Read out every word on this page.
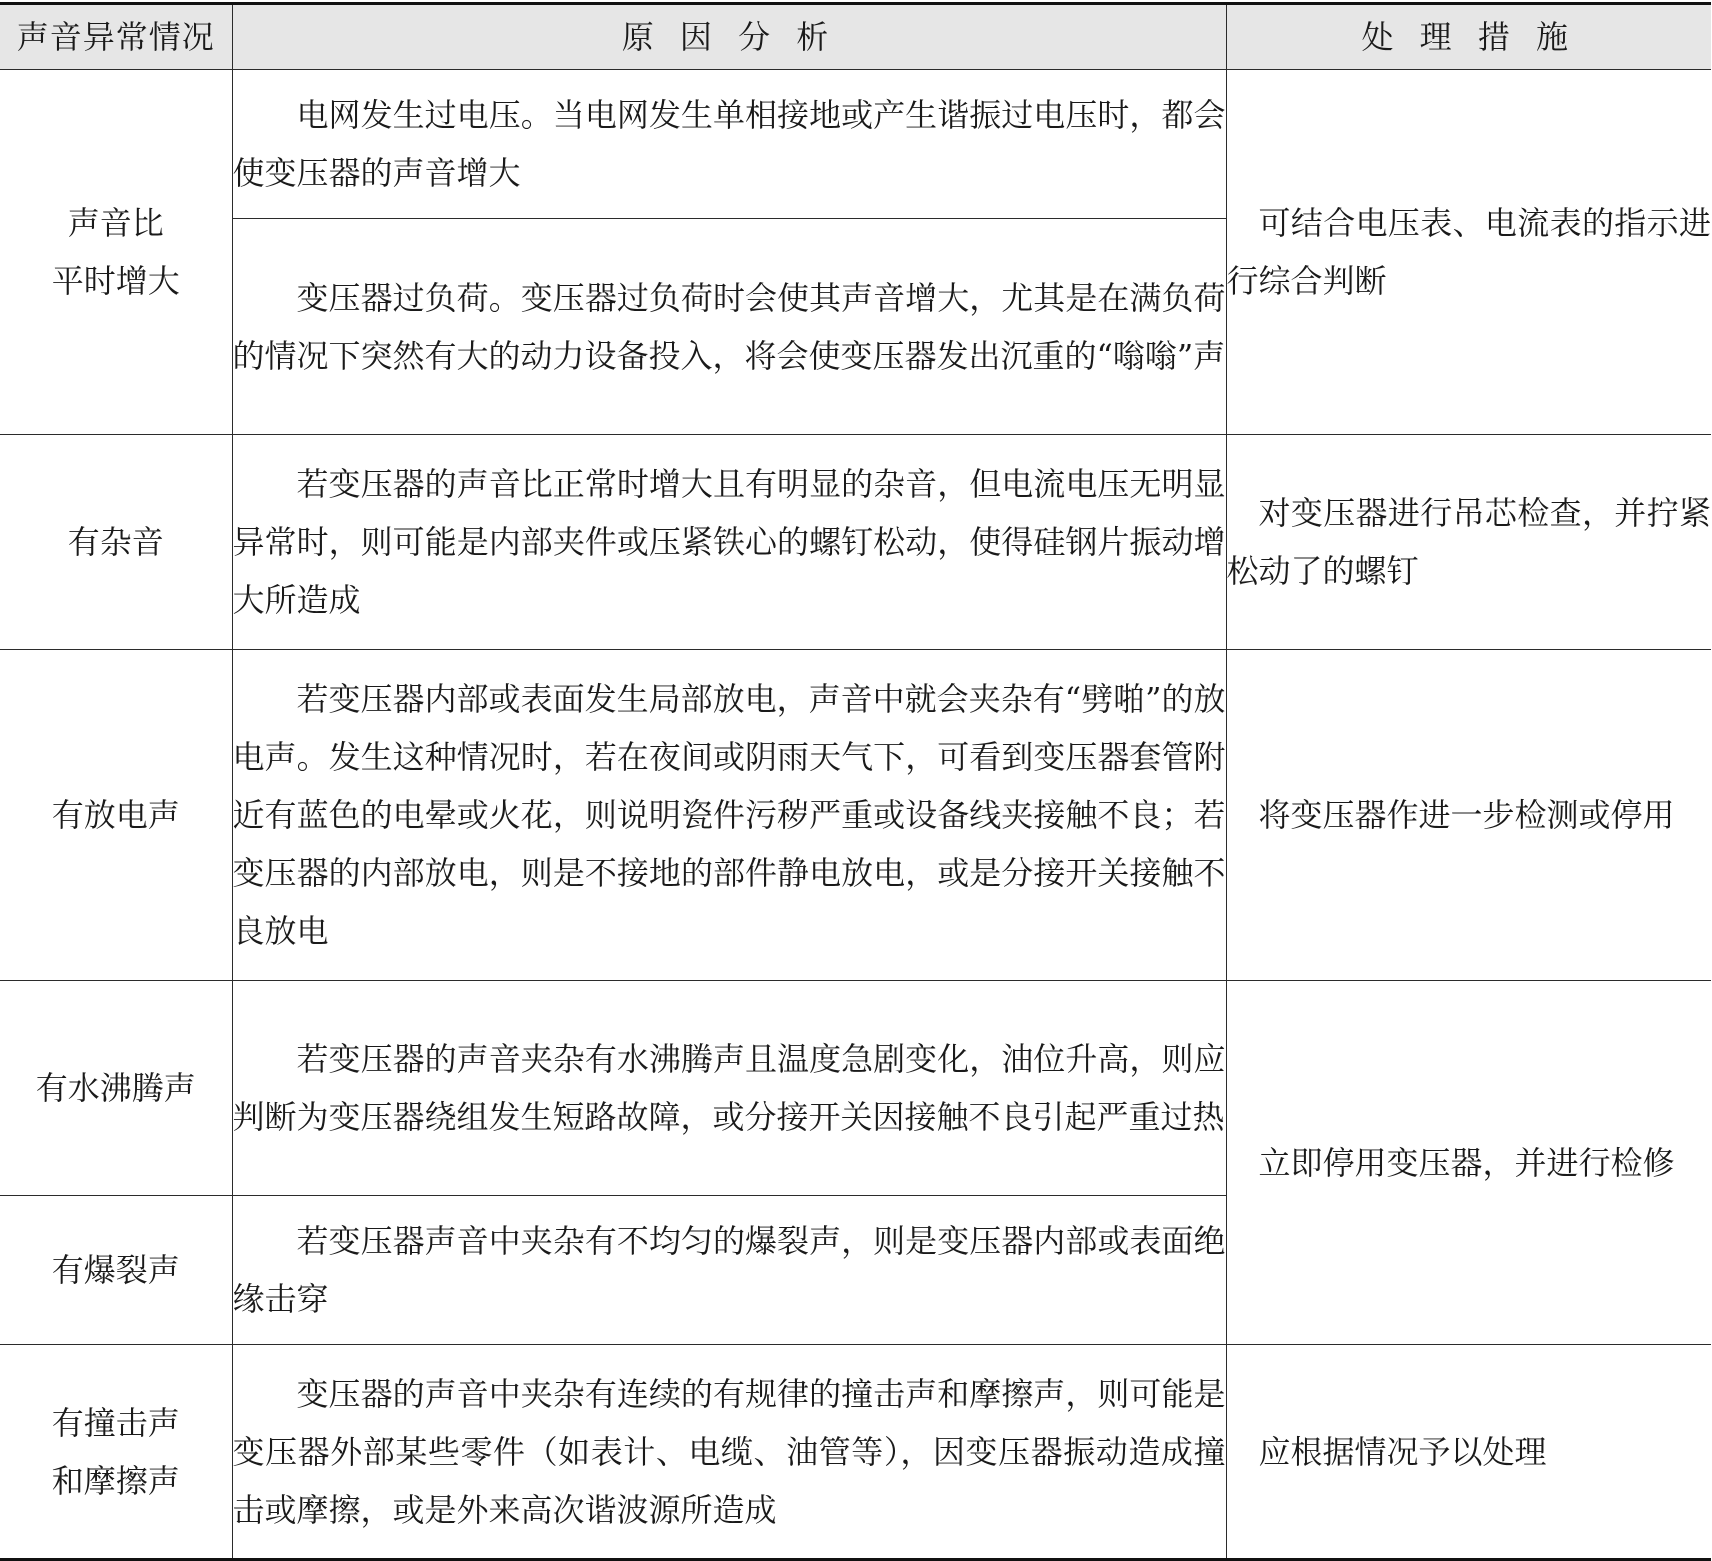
声音异常情况	原 因 分 析	处 理 措 施

声音比
平时增大	电网发生过电压。当电网发生单相接地或产生谐振过电压时，都会使变压器的声音增大	可结合电压表、电流表的指示进行综合判断
	变压器过负荷。变压器过负荷时会使其声音增大，尤其是在满负荷的情况下突然有大的动力设备投入，将会使变压器发出沉重的“嗡嗡”声	
有杂音	若变压器的声音比正常时增大且有明显的杂音，但电流电压无明显异常时，则可能是内部夹件或压紧铁心的螺钉松动，使得硅钢片振动增大所造成	对变压器进行吊芯检查，并拧紧松动了的螺钉
有放电声	若变压器内部或表面发生局部放电，声音中就会夹杂有“劈啪”的放电声。发生这种情况时，若在夜间或阴雨天气下，可看到变压器套管附近有蓝色的电晕或火花，则说明瓷件污秽严重或设备线夹接触不良；若变压器的内部放电，则是不接地的部件静电放电，或是分接开关接触不良放电	将变压器作进一步检测或停用
有水沸腾声	若变压器的声音夹杂有水沸腾声且温度急剧变化，油位升高，则应判断为变压器绕组发生短路故障，或分接开关因接触不良引起严重过热	立即停用变压器，并进行检修
有爆裂声	若变压器声音中夹杂有不均匀的爆裂声，则是变压器内部或表面绝缘击穿	

有撞击声
和摩擦声	变压器的声音中夹杂有连续的有规律的撞击声和摩擦声，则可能是变压器外部某些零件（如表计、电缆、油管等），因变压器振动造成撞击或摩擦，或是外来高次谐波源所造成	应根据情况予以处理
